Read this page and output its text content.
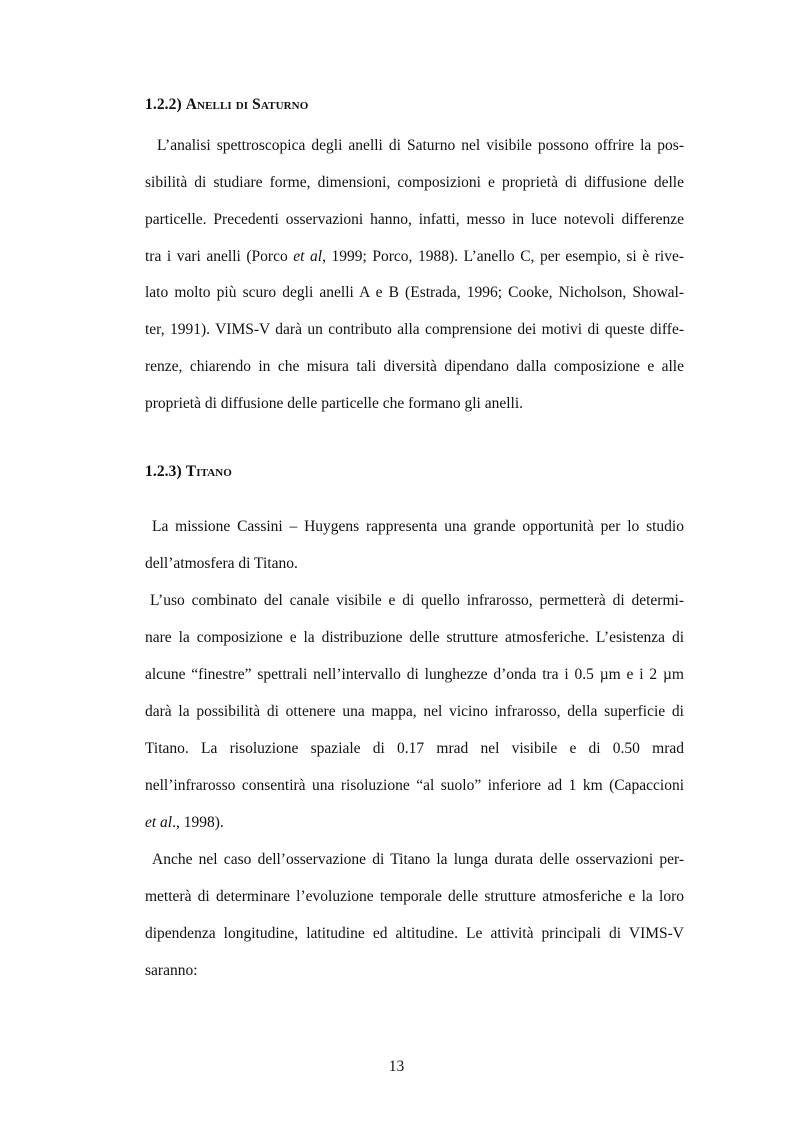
1.2.2) Anelli di Saturno

L’analisi spettroscopica degli anelli di Saturno nel visibile possono offrire la pos-

sibilità di studiare forme, dimensioni, composizioni e proprietà di diffusione delle

particelle. Precedenti osservazioni hanno, infatti, messo in luce notevoli differenze

tra i vari anelli (Porco et al, 1999; Porco, 1988). L’anello C, per esempio, si è rive-

lato molto più scuro degli anelli A e B (Estrada, 1996; Cooke, Nicholson, Showal-

ter, 1991). VIMS-V darà un contributo alla comprensione dei motivi di queste diffe-

renze, chiarendo in che misura tali diversità dipendano dalla composizione e alle

proprietà di diffusione delle particelle che formano gli anelli.

1.2.3) Titano

La missione Cassini – Huygens rappresenta una grande opportunità per lo studio

dell’atmosfera di Titano.

L’uso combinato del canale visibile e di quello infrarosso, permetterà di determi-

nare la composizione e la distribuzione delle strutture atmosferiche. L’esistenza di

alcune “finestre” spettrali nell’intervallo di lunghezze d’onda tra i 0.5 µm e i 2 µm

darà la possibilità di ottenere una mappa, nel vicino infrarosso, della superficie di

Titano. La risoluzione spaziale di 0.17 mrad nel visibile e di 0.50 mrad

nell’infrarosso consentirà una risoluzione “al suolo” inferiore ad 1 km (Capaccioni

et al., 1998).

Anche nel caso dell’osservazione di Titano la lunga durata delle osservazioni per-

metterà di determinare l’evoluzione temporale delle strutture atmosferiche e la loro

dipendenza longitudine, latitudine ed altitudine. Le attività principali di VIMS-V

saranno:

13
